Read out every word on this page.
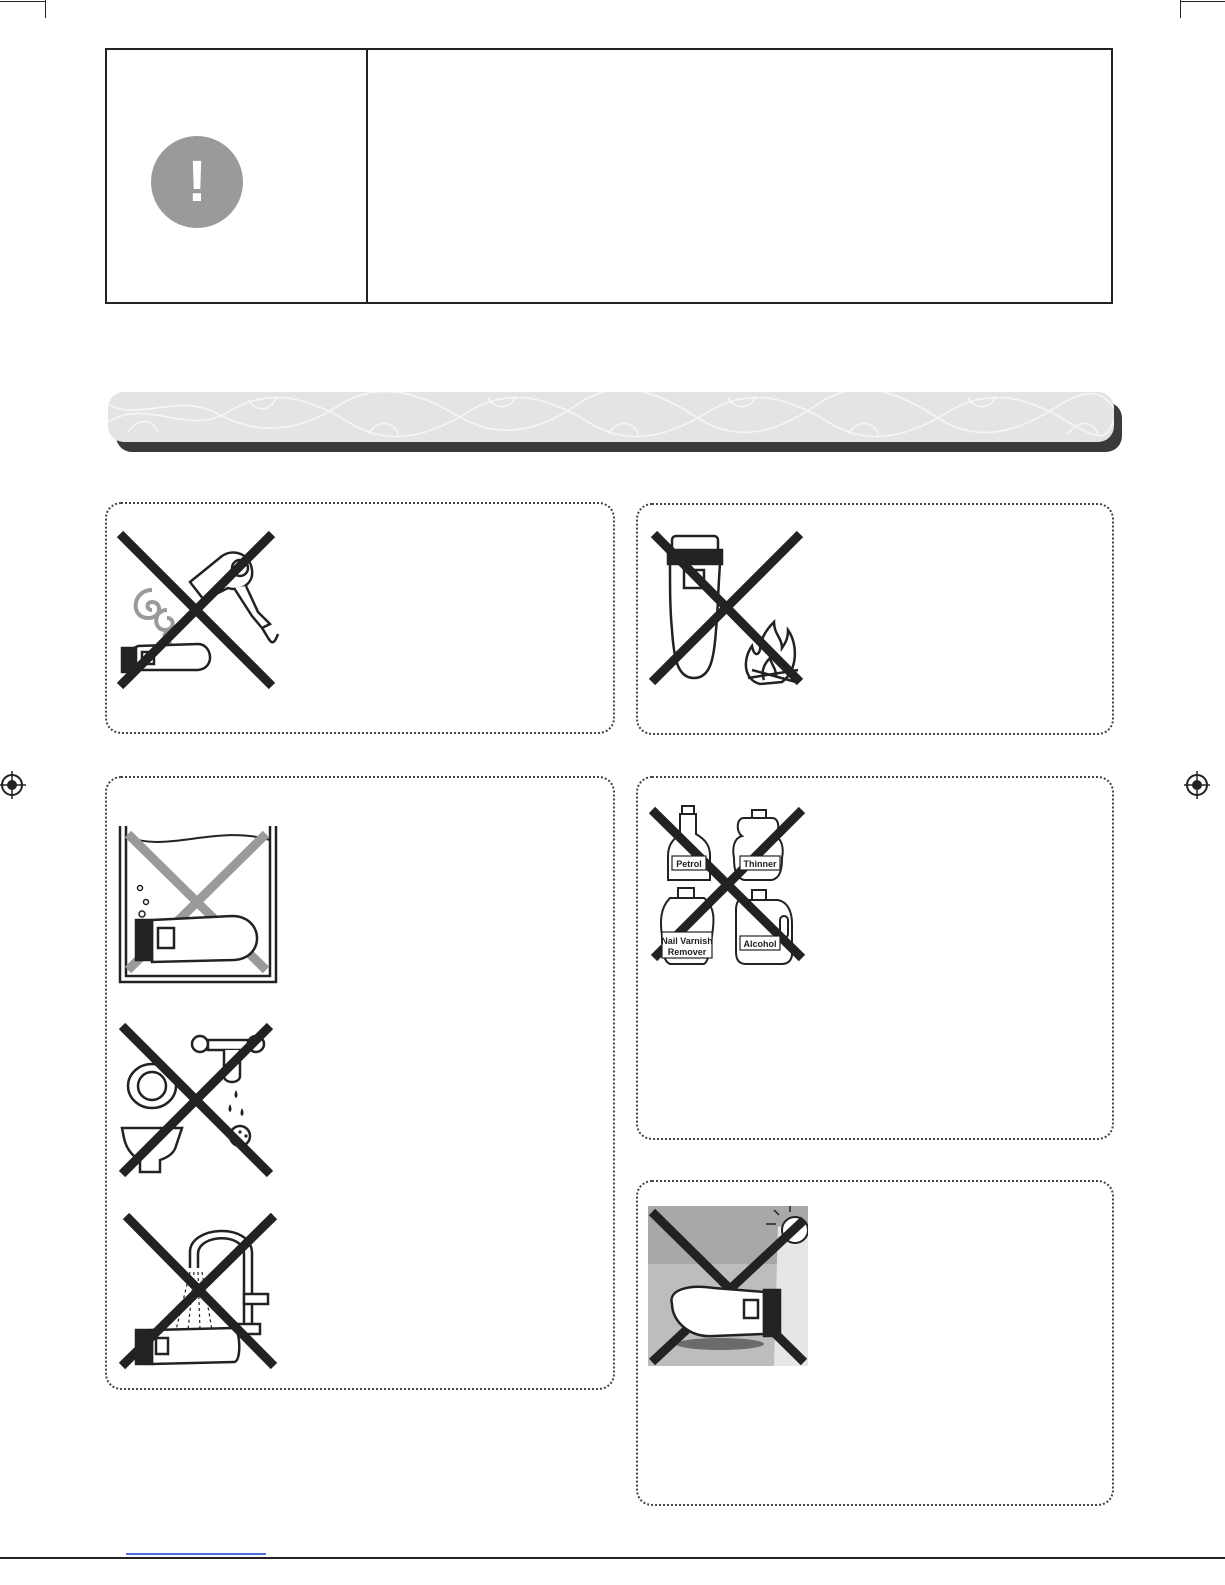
!
Petrol	Thinner
Nail Varnish
Remover
Alcohol
